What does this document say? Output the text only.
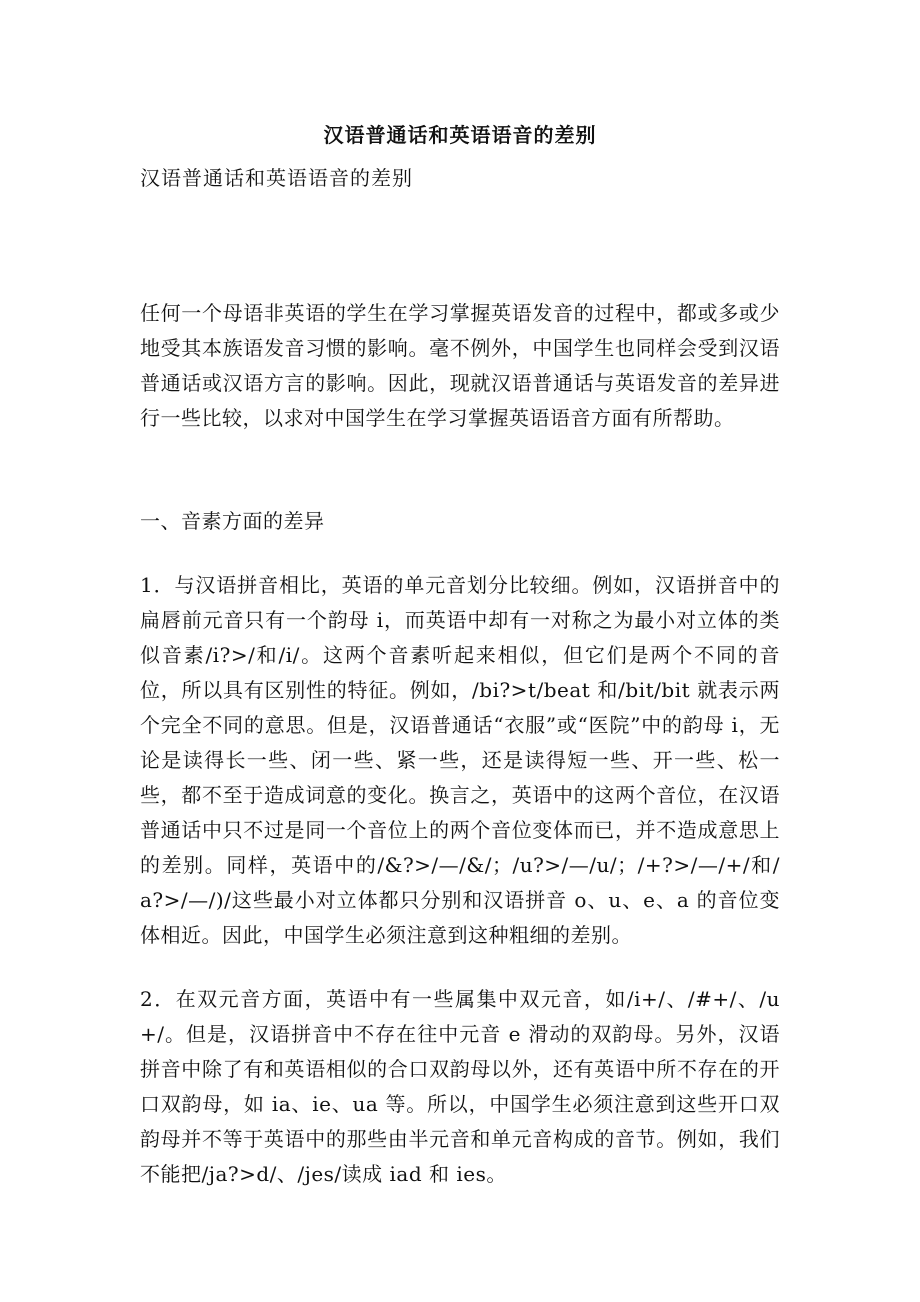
汉语普通话和英语语音的差别
汉语普通话和英语语音的差别
任何一个母语非英语的学生在学习掌握英语发音的过程中，都或多或少地受其本族语发音习惯的影响。毫不例外，中国学生也同样会受到汉语普通话或汉语方言的影响。因此，现就汉语普通话与英语发音的差异进行一些比较，以求对中国学生在学习掌握英语语音方面有所帮助。
一、音素方面的差异
1．与汉语拼音相比，英语的单元音划分比较细。例如，汉语拼音中的扁唇前元音只有一个韵母 i，而英语中却有一对称之为最小对立体的类似音素/i?>/和/i/。这两个音素听起来相似，但它们是两个不同的音位，所以具有区别性的特征。例如，/bi?>t/beat 和/bit/bit 就表示两个完全不同的意思。但是，汉语普通话“衣服”或“医院”中的韵母 i，无论是读得长一些、闭一些、紧一些，还是读得短一些、开一些、松一些，都不至于造成词意的变化。换言之，英语中的这两个音位，在汉语普通话中只不过是同一个音位上的两个音位变体而已，并不造成意思上的差别。同样，英语中的/&?>/—/&/；/u?>/—/u/；/+?>/—/+/和/a?>/—/)/这些最小对立体都只分别和汉语拼音 o、u、e、a 的音位变体相近。因此，中国学生必须注意到这种粗细的差别。
2．在双元音方面，英语中有一些属集中双元音，如/i+/、/#+/、/u+/。但是，汉语拼音中不存在往中元音 e 滑动的双韵母。另外，汉语拼音中除了有和英语相似的合口双韵母以外，还有英语中所不存在的开口双韵母，如 ia、ie、ua 等。所以，中国学生必须注意到这些开口双韵母并不等于英语中的那些由半元音和单元音构成的音节。例如，我们不能把/ja?>d/、/jes/读成 iad 和 ies。
